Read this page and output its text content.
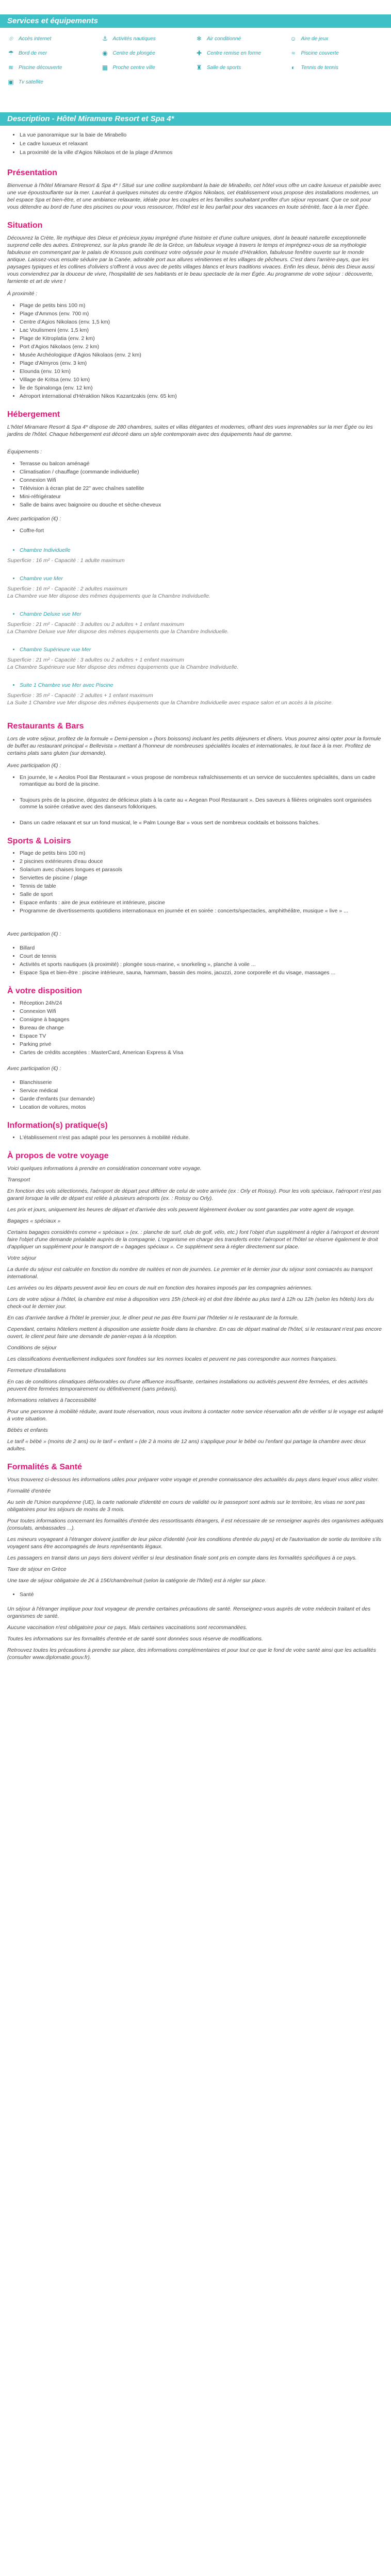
Services et équipements
⌾	Accès internet	⚓ Activités nautiques	❄ Air conditionné	☺ Aire de jeux
☂ Bord de mer	◉ Centre de plongée	✚ Centre remise en forme	≈	Piscine couverte
≋ Piscine découverte	▦ Proche centre ville	♜ Salle de sports	◐	Tennis de tennis
▣ Tv satellite
Description - Hôtel Miramare Resort et Spa 4*
• La vue panoramique sur la baie de Mirabello
• Le cadre luxueux et relaxant
• La proximité de la ville d'Agios Nikolaos et de la plage d'Ammos
Présentation

Bienvenue à l'hôtel Miramare Resort & Spa 4* ! Situé sur une colline surplombant la baie de Mirabello, cet hôtel vous offre un cadre luxueux et paisible avec une vue époustouflante sur la mer. Lauréat à quelques minutes du centre d'Agios Nikolaos, cet établissement vous propose des installations modernes, un bel espace Spa et bien-être, et une ambiance relaxante, idéale pour les couples et les familles souhaitant profiter d'un séjour reposant. Que ce soit pour vous détendre au bord de l'une des piscines ou pour vous ressourcer, l'hôtel est le lieu parfait pour des vacances en toute sérénité, face à la mer Égée.

Situation

Découvrez la Crète, île mythique des Dieux et précieux joyau imprégné d'une histoire et d'une culture uniques, dont la beauté naturelle exceptionnelle surprend celle des autres. Entreprenez, sur la plus grande île de la Grèce, un fabuleux voyage à travers le temps et imprégnez-vous de sa mythologie fabuleuse en commençant par le palais de Knossos puis continuez votre odyssée pour le musée d'Héraklion, fabuleuse fenêtre ouverte sur le monde antique. Laissez-vous ensuite séduire par la Canée, adorable port aux allures vénitiennes et les villages de pêcheurs. C'est dans l'arrière-pays, que les paysages typiques et les collines d'oliviers s'offrent à vous avec de petits villages blancs et leurs traditions vivaces. Enfin les dieux, bénis des Dieux aussi vous conviendrez par la douceur de vivre, l'hospitalité de ses habitants et le beau spectacle de la mer Égée. Au programme de votre séjour : découverte, farniente et art de vivre !

À proximité :

• Plage de petits bins 100 m)
• Plage d'Ammos (env. 700 m)
• Centre d'Agios Nikolaos (env. 1,5 km)
• Lac Voulismeni (env. 1,5 km)
• Plage de Kitroplatia (env. 2 km)
• Port d'Agios Nikolaos (env. 2 km)
• Musée Archéologique d'Agios Nikolaos (env. 2 km)
• Plage d'Almyros (env. 3 km)
• Elounda (env. 10 km)
• Village de Kritsa (env. 10 km)
• Île de Spinalonga (env. 12 km)
• Aéroport international d'Héraklion Nikos Kazantzakis (env. 65 km)
Hébergement

L'hôtel Miramare Resort & Spa 4* dispose de 280 chambres, suites et villas élégantes et modernes, offrant des vues imprenables sur la mer Égée ou les jardins de l'hôtel. Chaque hébergement est décoré dans un style contemporain avec des équipements haut de gamme.

Équipements :

• Terrasse ou balcon aménagé
• Climatisation / chauffage (commande individuelle)
• Connexion Wifi
• Télévision à écran plat de 22" avec chaînes satellite
• Mini-réfrigérateur
• Salle de bains avec baignoire ou douche et sèche-cheveux

Avec participation (€) :

• Coffre-fort
• Chambre Individuelle

Superficie : 16 m² - Capacité : 1 adulte maximum

• Chambre vue Mer

Superficie : 16 m² - Capacité : 2 adultes maximum

La Chambre vue Mer dispose des mêmes équipements que la Chambre Individuelle.

• Chambre Deluxe vue Mer

Superficie : 21 m² - Capacité : 3 adultes ou 2 adultes + 1 enfant maximum

La Chambre Deluxe vue Mer dispose des mêmes équipements que la Chambre Individuelle.

• Chambre Supérieure vue Mer

Superficie : 21 m² - Capacité : 3 adultes ou 2 adultes + 1 enfant maximum

La Chambre Supérieure vue Mer dispose des mêmes équipements que la Chambre Individuelle.

• Suite 1 Chambre vue Mer avec Piscine

Superficie : 35 m² - Capacité : 2 adultes + 1 enfant maximum

La Suite 1 Chambre vue Mer dispose des mêmes équipements que la Chambre Individuelle avec espace salon et un accès à la piscine.

Restaurants & Bars

Lors de votre séjour, profitez de la formule « Demi-pension » (hors boissons) incluant les petits déjeuners et dîners. Vous pourrez ainsi opter pour la formule de buffet au restaurant principal « Bellevista » mettant à l'honneur de nombreuses spécialités locales et internationales, le tout face à la mer. Profitez de certains plats sans gluten (sur demande).

Avec participation (€) :

• En journée, le « Aeolos Pool Bar Restaurant » vous propose de nombreux rafraîchissements et un service de succulentes spécialités, dans un cadre romantique au bord de la piscine.
• Toujours près de la piscine, dégustez de délicieux plats à la carte au « Aegean Pool Restaurant ». Des saveurs à filières originales sont organisées comme la soirée créative avec des danseurs folkloriques.
• Dans un cadre relaxant et sur un fond musical, le « Palm Lounge Bar » vous sert de nombreux cocktails et boissons fraîches.
Sports & Loisirs
• Plage de petits bins 100 m)
• 2 piscines extérieures d'eau douce
• Solarium avec chaises longues et parasols
• Serviettes de piscine / plage
• Tennis de table
• Salle de sport
• Espace enfants : aire de jeux extérieure et intérieure, piscine
• Programme de divertissements quotidiens internationaux en journée et en soirée : concerts/spectacles, amphithéâtre, musique « live » ...

Avec participation (€) :

• Billard
• Court de tennis
• Activités et sports nautiques (à proximité) : plongée sous-marine, « snorkeling », planche à voile ...
• Espace Spa et bien-être : piscine intérieure, sauna, hammam, bassin des moins, jacuzzi, zone corporelle et du visage, massages ...
À votre disposition
• Réception 24h/24
• Connexion Wifi
• Consigne à bagages
• Bureau de change
• Espace TV
• Parking privé
• Cartes de crédits acceptées : MasterCard, American Express & Visa

Avec participation (€) :

• Blanchisserie
• Service médical
• Garde d'enfants (sur demande)
• Location de voitures, motos
Information(s) pratique(s)
• L'établissement n'est pas adapté pour les personnes à mobilité réduite.
À propos de votre voyage

Voici quelques informations à prendre en considération concernant votre voyage.

Transport

En fonction des vols sélectionnés, l'aéroport de départ peut différer de celui de votre arrivée (ex : Orly et Roissy). Pour les vols spéciaux, l'aéroport n'est pas garanti lorsque la ville de départ est reliée à plusieurs aéroports (ex. : Roissy ou Orly).

Les prix et jours, uniquement les heures de départ et d'arrivée des vols peuvent légèrement évoluer ou sont garanties par votre agent de voyage.

Bagages « spéciaux »

Certains bagages considérés comme « spéciaux » (ex. : planche de surf, club de golf, vélo, etc.) font l'objet d'un supplément à régler à l'aéroport et devront faire l'objet d'une demande préalable auprès de la compagnie. L'organisme en charge des transferts entre l'aéroport et l'hôtel se réserve également le droit d'appliquer un supplément pour le transport de « bagages spéciaux ». Ce supplément sera à régler directement sur place.

Votre séjour

La durée du séjour est calculée en fonction du nombre de nuitées et non de journées. Le premier et le dernier jour du séjour sont consacrés au transport international.

Les arrivées ou les départs peuvent avoir lieu en cours de nuit en fonction des horaires imposés par les compagnies aériennes.

Lors de votre séjour à l'hôtel, la chambre est mise à disposition vers 15h (check-in) et doit être libérée au plus tard à 12h ou 12h (selon les hôtels) lors du check-out le dernier jour.

En cas d'arrivée tardive à l'hôtel le premier jour, le dîner peut ne pas être fourni par l'hôtelier ni le restaurant de la formule.

Cependant, certains hôteliers mettent à disposition une assiette froide dans la chambre. En cas de départ matinal de l'hôtel, si le restaurant n'est pas encore ouvert, le client peut faire une demande de panier-repas à la réception.

Conditions de séjour

Les classifications éventuellement indiquées sont fondées sur les normes locales et peuvent ne pas correspondre aux normes françaises.

Fermeture d'installations

En cas de conditions climatiques défavorables ou d'une affluence insuffisante, certaines installations ou activités peuvent être fermées, et des activités peuvent être fermées temporairement ou définitivement (sans préavis).

Informations relatives à l'accessibilité

Pour une personne à mobilité réduite, avant toute réservation, nous vous invitons à contacter notre service réservation afin de vérifier si le voyage est adapté à votre situation.

Bébés et enfants

Le tarif « bébé » (moins de 2 ans) ou le tarif « enfant » (de 2 à moins de 12 ans) s'applique pour le bébé ou l'enfant qui partage la chambre avec deux adultes.

Formalités & Santé

Vous trouverez ci-dessous les informations utiles pour préparer votre voyage et prendre connaissance des actualités du pays dans lequel vous allez visiter.

Formalité d'entrée

Au sein de l'Union européenne (UE), la carte nationale d'identité en cours de validité ou le passeport sont admis sur le territoire, les visas ne sont pas obligatoires pour les séjours de moins de 3 mois.

Pour toutes informations concernant les formalités d'entrée des ressortissants étrangers, il est nécessaire de se renseigner auprès des organismes adéquats (consulats, ambassades ...).

Les mineurs voyageant à l'étranger doivent justifier de leur pièce d'identité (voir les conditions d'entrée du pays) et de l'autorisation de sortie du territoire s'ils voyagent sans être accompagnés de leurs représentants légaux.

Les passagers en transit dans un pays tiers doivent vérifier si leur destination finale sont pris en compte dans les formalités spécifiques à ce pays.

Taxe de séjour en Grèce

Une taxe de séjour obligatoire de 2€ à 15€/chambre/nuit (selon la catégorie de l'hôtel) est à régler sur place.

• Santé

Un séjour à l'étranger implique pour tout voyageur de prendre certaines précautions de santé. Renseignez-vous auprès de votre médecin traitant et des organismes de santé.

Aucune vaccination n'est obligatoire pour ce pays. Mais certaines vaccinations sont recommandées.

Toutes les informations sur les formalités d'entrée et de santé sont données sous réserve de modifications.

Retrouvez toutes les précautions à prendre sur place, des informations complémentaires et pour tout ce que le fond de votre santé ainsi que les actualités (consulter www.diplomatie.gouv.fr).
